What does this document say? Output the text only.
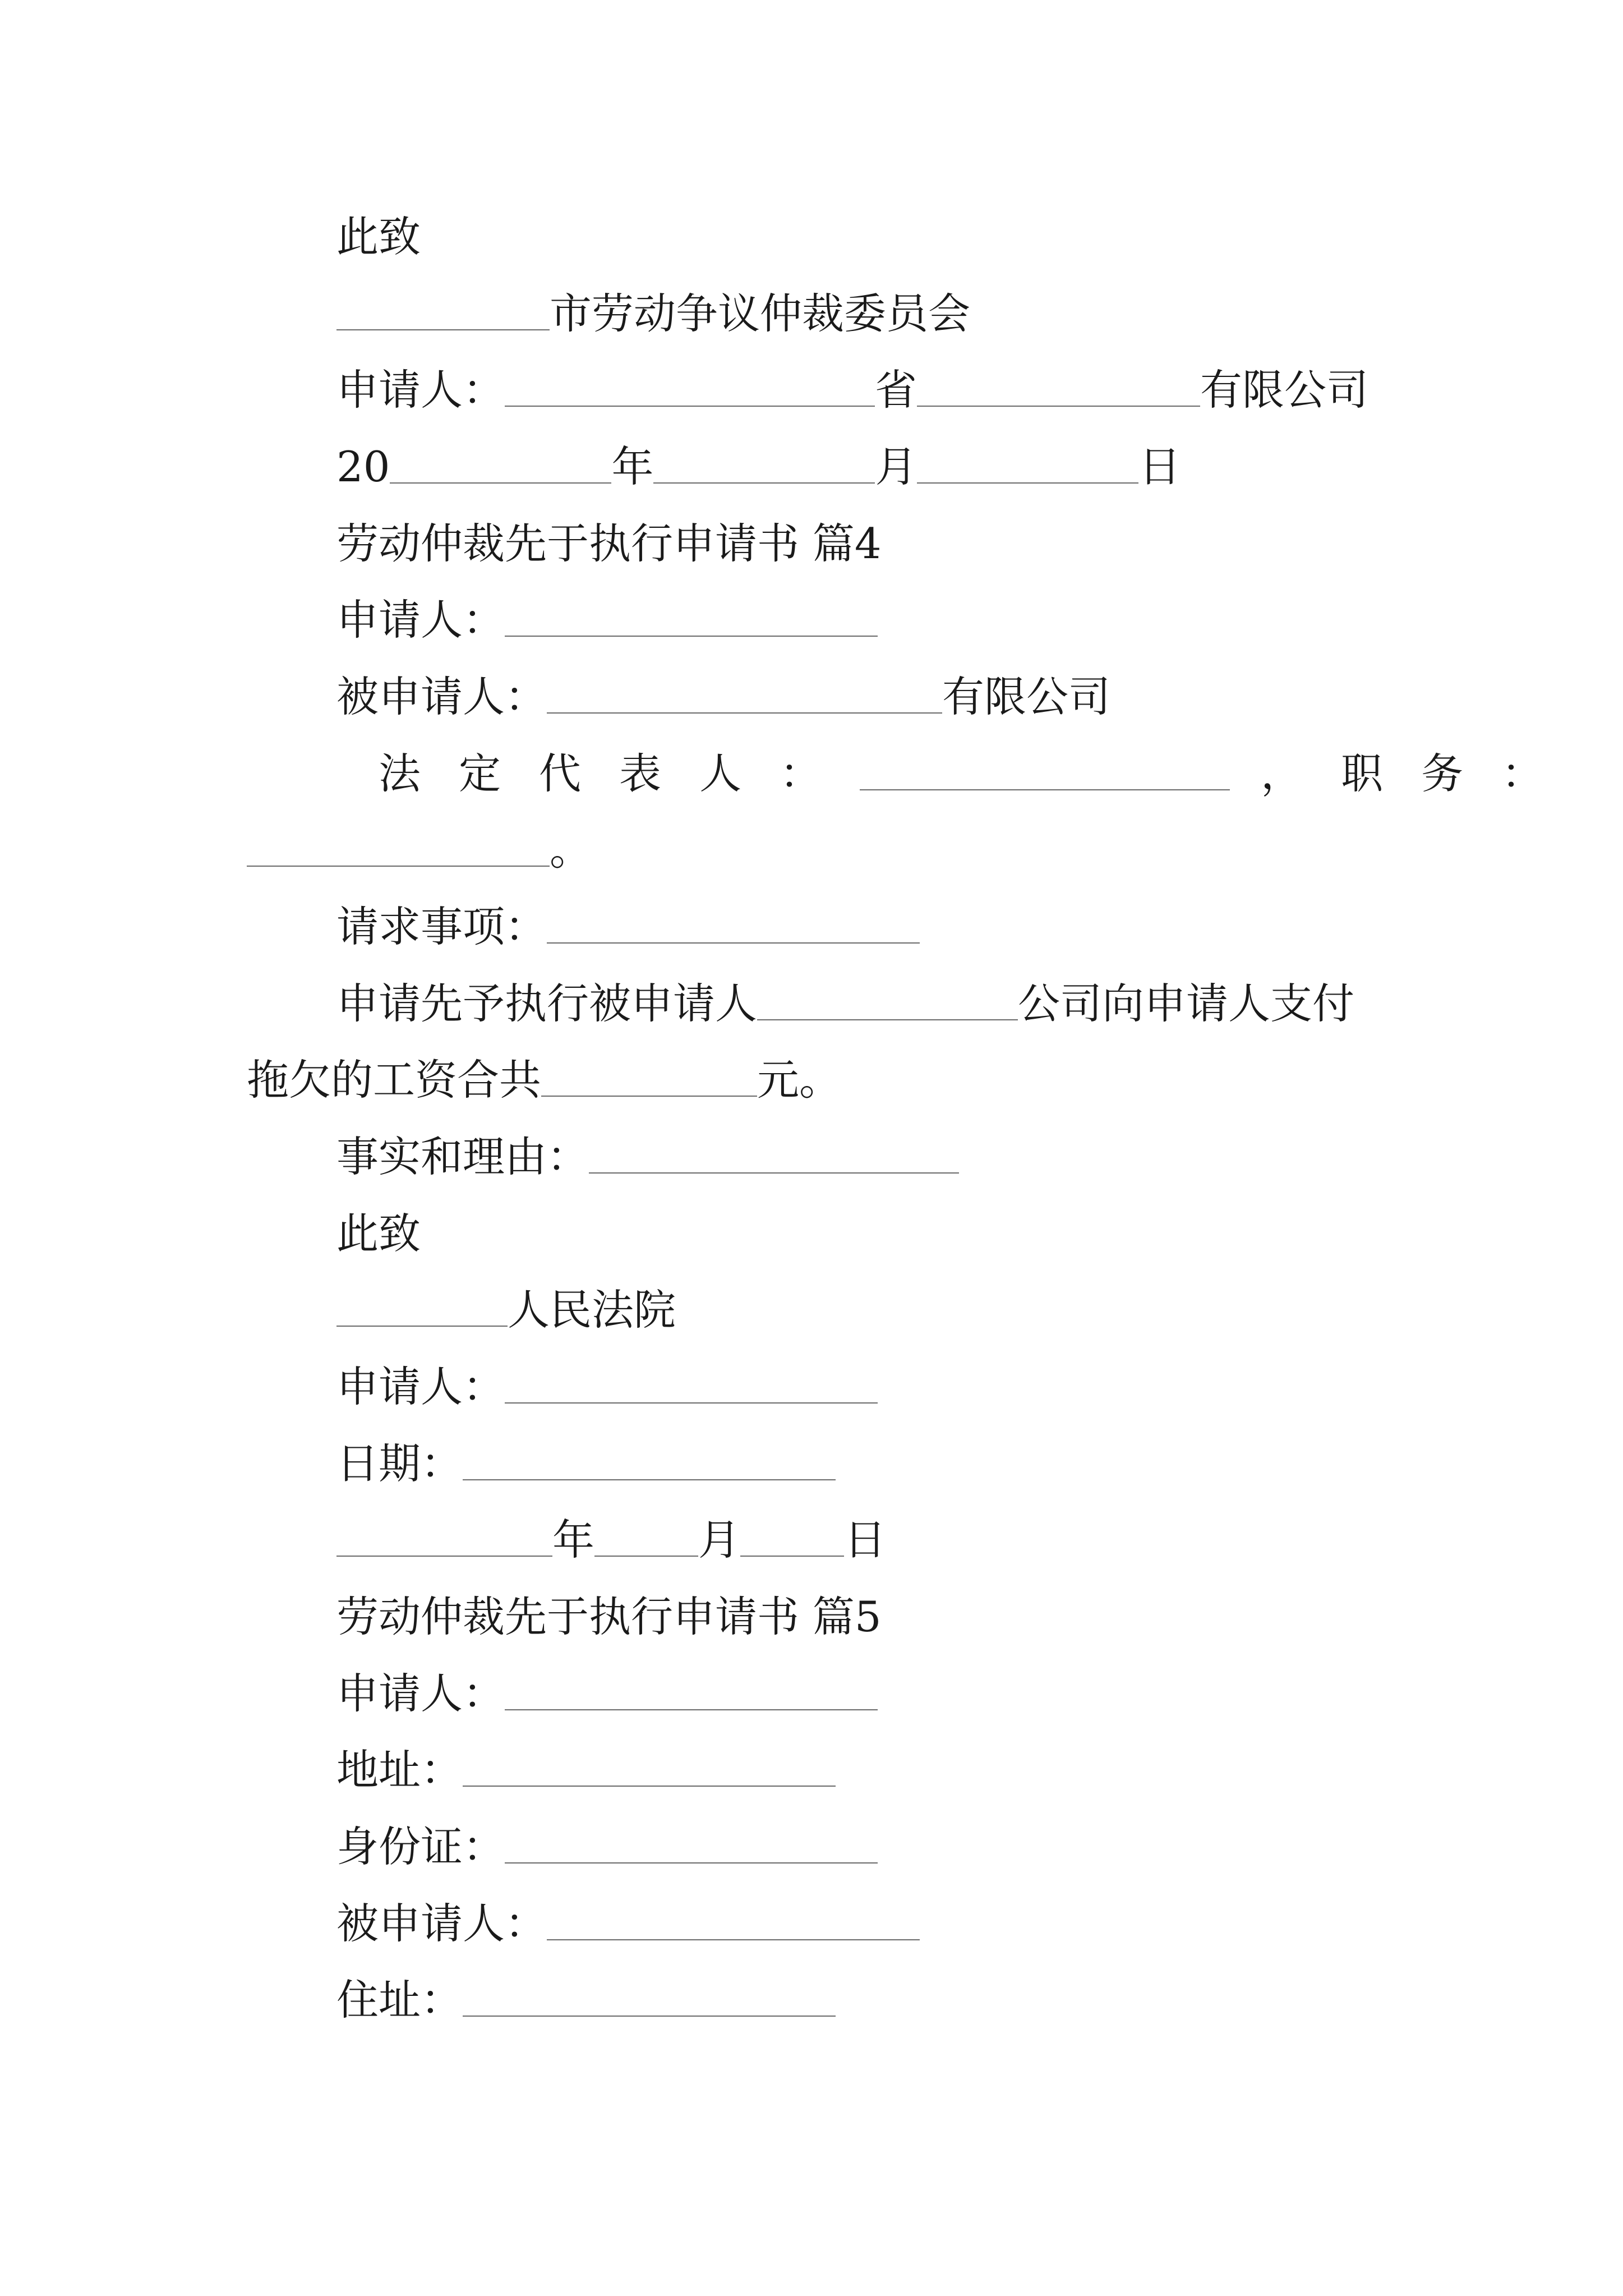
此致
市劳动争议仲裁委员会
申请人：	省	有限公司
20	年	月	日
劳动仲裁先于执行申请书 篇4
申请人：
被申请人：	有限公司
法 定 代 表 人 ：	， 职 务 ：
。
请求事项：
申请先予执行被申请人	公司向申请人支付
拖欠的工资合共	元。
事实和理由：
此致
人民法院
申请人：
日期：
年 月 日
劳动仲裁先于执行申请书 篇5
申请人：
地址：
身份证：
被申请人：
住址：
